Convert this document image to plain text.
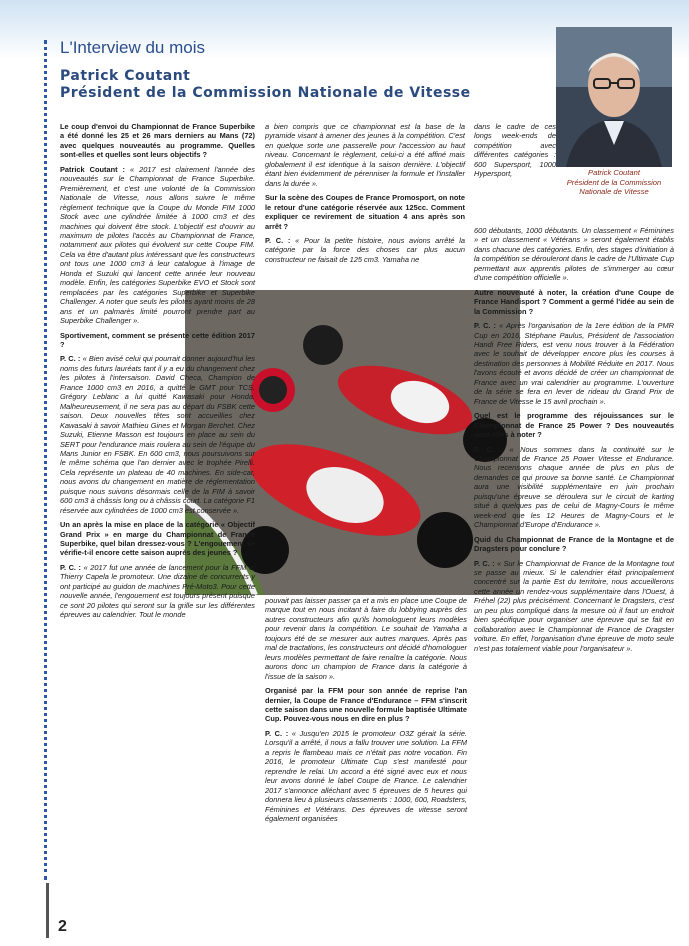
L'Interview du mois
Patrick Coutant
Président de la Commission Nationale de Vitesse
Patrick Coutant
Président de la Commission
Nationale de Vitesse

Le coup d'envoi du Championnat de France Superbike a été donné les 25 et 26 mars derniers au Mans (72) avec quelques nouveautés au programme. Quelles sont-elles et quelles sont leurs objectifs ?

Patrick Coutant : « 2017 est clairement l'année des nouveautés sur le Championnat de France Superbike. Premièrement, et c'est une volonté de la Commission Nationale de Vitesse, nous allons suivre le même règlement technique que la Coupe du Monde FIM 1000 Stock avec une cylindrée limitée à 1000 cm3 et des machines qui doivent être stock. L'objectif est d'ouvrir au maximum de pilotes l'accès au Championnat de France, notamment aux pilotes qui évoluent sur cette Coupe FIM. Cela va être d'autant plus intéressant que les constructeurs ont tous une 1000 cm3 à leur catalogue à l'image de Honda et Suzuki qui lancent cette année leur nouveau modèle. Enfin, les catégories Superbike EVO et Stock sont remplacées par les catégories Superbike et Superbike Challenger. A noter que seuls les pilotes ayant moins de 28 ans et un palmarès limité pourront prendre part au Superbike Challenger ».

Sportivement, comment se présente cette édition 2017 ?

P. C. : « Bien avisé celui qui pourrait donner aujourd'hui les noms des futurs lauréats tant il y a eu du changement chez les pilotes à l'intersaison. David Checa, Champion de France 1000 cm3 en 2016, a quitté le GMT pour TCS. Grégory Leblanc a lui quitté Kawasaki pour Honda. Malheureusement, il ne sera pas au départ du FSBK cette saison. Deux nouvelles têtes sont accueillies chez Kawasaki à savoir Mathieu Gines et Morgan Berchet. Chez Suzuki, Etienne Masson est toujours en place au sein du SERT pour l'endurance mais roulera au sein de l'équipe du Mans Junior en FSBK. En 600 cm3, nous poursuivons sur le même schéma que l'an dernier avec le trophée Pirelli. Cela représente un plateau de 40 machines. En side-car, nous avons du changement en matière de réglementation puisque nous suivons désormais celle de la FIM à savoir 600 cm3 à châssis long ou à châssis court. La catégorie F1 réservée aux cylindrées de 1000 cm3 est conservée ».

Un an après la mise en place de la catégorie « Objectif Grand Prix » en marge du Championnat de France Superbike, quel bilan dressez-vous ? L'engouement se vérifie-t-il encore cette saison auprès des jeunes ?

P. C. : « 2017 fut une année de lancement pour la FFM et Thierry Capela le promoteur. Une dizaine de concurrents y ont participé au guidon de machines Pré-Moto3. Pour cette nouvelle année, l'engouement est toujours présent puisque ce sont 20 pilotes qui seront sur la grille sur les différentes épreuves au calendrier. Tout le monde

a bien compris que ce championnat est la base de la pyramide visant à amener des jeunes à la compétition. C'est en quelque sorte une passerelle pour l'accession au haut niveau. Concernant le règlement, celui-ci a été affiné mais globalement il est identique à la saison dernière. L'objectif étant bien évidemment de pérenniser la formule et l'installer dans la durée ».

Sur la scène des Coupes de France Promosport, on note le retour d'une catégorie réservée aux 125cc. Comment expliquer ce revirement de situation 4 ans après son arrêt ?

P. C. : « Pour la petite histoire, nous avions arrêté la catégorie par la force des choses car plus aucun constructeur ne faisait de 125 cm3. Yamaha ne

pouvait pas laisser passer ça et a mis en place une Coupe de marque tout en nous incitant à faire du lobbying auprès des autres constructeurs afin qu'ils homologuent leurs modèles pour revenir dans la compétition. Le souhait de Yamaha a toujours été de se mesurer aux autres marques. Après pas mal de tractations, les constructeurs ont décidé d'homologuer leurs modèles permettant de faire renaître la catégorie. Nous aurons donc un champion de France dans la catégorie à l'issue de la saison ».

Organisé par la FFM pour son année de reprise l'an dernier, la Coupe de France d'Endurance – FFM s'inscrit cette saison dans une nouvelle formule baptisée Ultimate Cup. Pouvez-vous nous en dire en plus ?

P. C. : « Jusqu'en 2015 le promoteur O3Z gérait la série. Lorsqu'il a arrêté, il nous a fallu trouver une solution. La FFM a repris le flambeau mais ce n'était pas notre vocation. Fin 2016, le promoteur Ultimate Cup s'est manifesté pour reprendre le relai. Un accord a été signé avec eux et nous leur avons donné le label Coupe de France. Le calendrier 2017 s'annonce alléchant avec 5 épreuves de 5 heures qui donnera lieu à plusieurs classements : 1000, 600, Roadsters, Féminines et Vétérans. Des épreuves de vitesse seront également organisées

dans le cadre de ces longs week-ends de compétition avec différentes catégories : 600 Supersport, 1000 Hypersport,

600 débutants, 1000 débutants. Un classement « Féminines » et un classement « Vétérans » seront également établis dans chacune des catégories. Enfin, des stages d'initiation à la compétition se dérouleront dans le cadre de l'Ultimate Cup permettant aux apprentis pilotes de s'immerger au cœur d'une compétition officielle ».

Autre nouveauté à noter, la création d'une Coupe de France Handisport ? Comment a germé l'idée au sein de la Commission ?

P. C. : « Après l'organisation de la 1ere édition de la PMR Cup en 2016, Stéphane Paulus, Président de l'association Handi Free Riders, est venu nous trouver à la Fédération avec le souhait de développer encore plus les courses à destination des personnes à Mobilité Réduite en 2017. Nous l'avons écouté et avons décidé de créer un championnat de France avec un vrai calendrier au programme. L'ouverture de la série se fera en lever de rideau du Grand Prix de France de Vitesse le 15 avril prochain ».

Quel est le programme des réjouissances sur le Championnat de France 25 Power ? Des nouveautés sont-elles à noter ?

P. C. : « Nous sommes dans la continuité sur le Championnat de France 25 Power Vitesse et Endurance. Nous recensons chaque année de plus en plus de demandes ce qui prouve sa bonne santé. Le Championnat aura une visibilité supplémentaire en juin prochain puisqu'une épreuve se déroulera sur le circuit de karting situé à quelques pas de celui de Magny-Cours le même week-end que les 12 Heures de Magny-Cours et le Championnat d'Europe d'Endurance ».

Quid du Championnat de France de la Montagne et de Dragsters pour conclure ?

P. C. : « Sur le Championnat de France de la Montagne tout se passe au mieux. Si le calendrier était principalement concentré sur la partie Est du territoire, nous accueillerons cette année un rendez-vous supplémentaire dans l'Ouest, à Fréhel (22) plus précisément. Concernant le Dragsters, c'est un peu plus compliqué dans la mesure où il faut un endroit bien spécifique pour organiser une épreuve qui se fait en collaboration avec le Championnat de France de Dragster voiture. En effet, l'organisation d'une épreuve de moto seule n'est pas totalement viable pour l'organisateur ».

2
